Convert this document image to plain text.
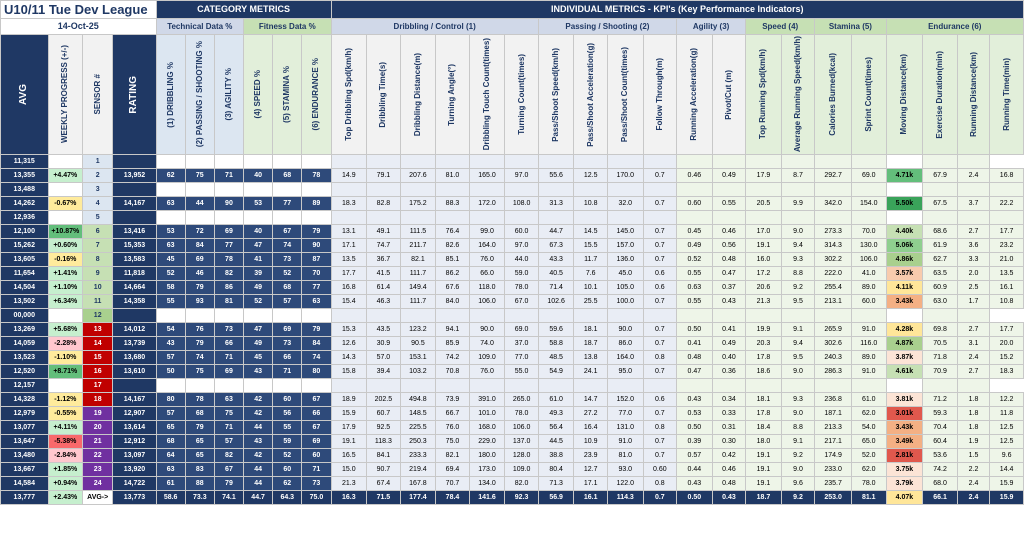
U10/11 Tue Dev League				CATEGORY METRICS						INDIVIDUAL METRICS - KPI's (Key Performance Indicators)																			
14-Oct-25				Technical Data %			Fitness Data %			Dribbling / Control (1)						Passing / Shooting (2)				Agility (3)		Speed (4)		Stamina (5)		Endurance (6)			

AVG	WEEKLY PROGRESS (+/-)	SENSOR #	RATING	(1) DRIBBLING %	(2) PASSING / SHOOTING %	(3) AGILITY %	(4) SPEED %	(5) STAMINA %	(6) ENDURANCE %	Top Dribbling Spd(km/h)	Dribbling Time(s)	Dribbling Distance(m)	Turning Angle(°)	Dribbling Touch Count(times)	Turning Count(times)	Pass/Shoot Speed(km/h)	Pass/Shoot Acceleration(g)	Pass/Shoot Count(times)	Follow Through(m)	Running Acceleration(g)	Pivot/Cut (m)	Top Running Spd(km/h)	Average Running Speed(km/h)	Calories Burned(kcal)	Sprint Count(times)	Moving Distance(km)	Exercise Duration(min)	Running Distance(km)	Running Time(min)

11,315		1																											
13,355	+4.47%	2	13,952	62	75	71	40	68	78	14.9	79.1	207.6	81.0	165.0	97.0	55.6	12.5	170.0	0.7	0.46	0.49	17.9	8.7	292.7	69.0	4.71k	67.9	2.4	16.8
13,488		3																											
14,262	-0.67%	4	14,167	63	44	90	53	77	89	18.3	82.8	175.2	88.3	172.0	108.0	31.3	10.8	32.0	0.7	0.60	0.55	20.5	9.9	342.0	154.0	5.50k	67.5	3.7	22.2
12,936		5																											
12,100	+10.87%	6	13,416	53	72	69	40	67	79	13.1	49.1	111.5	76.4	99.0	60.0	44.7	14.5	145.0	0.7	0.45	0.46	17.0	9.0	273.3	70.0	4.40k	68.6	2.7	17.7
15,262	+0.60%	7	15,353	63	84	77	47	74	90	17.1	74.7	211.7	82.6	164.0	97.0	67.3	15.5	157.0	0.7	0.49	0.56	19.1	9.4	314.3	130.0	5.06k	61.9	3.6	23.2
13,605	-0.16%	8	13,583	45	69	78	41	73	87	13.5	36.7	82.1	85.1	76.0	44.0	43.3	11.7	136.0	0.7	0.52	0.48	16.0	9.3	302.2	106.0	4.86k	62.7	3.3	21.0
11,654	+1.41%	9	11,818	52	46	82	39	52	70	17.7	41.5	111.7	86.2	66.0	59.0	40.5	7.6	45.0	0.6	0.55	0.47	17.2	8.8	222.0	41.0	3.57k	63.5	2.0	13.5
14,504	+1.10%	10	14,664	58	79	86	49	68	77	16.8	61.4	149.4	67.6	118.0	78.0	71.4	10.1	105.0	0.6	0.63	0.37	20.6	9.2	255.4	89.0	4.11k	60.9	2.5	16.1
13,502	+6.34%	11	14,358	55	93	81	52	57	63	15.4	46.3	111.7	84.0	106.0	67.0	102.6	25.5	100.0	0.7	0.55	0.43	21.3	9.5	213.1	60.0	3.43k	63.0	1.7	10.8
00,000		12																											
13,269	+5.68%	13	14,012	54	76	73	47	69	79	15.3	43.5	123.2	94.1	90.0	69.0	59.6	18.1	90.0	0.7	0.50	0.41	19.9	9.1	265.9	91.0	4.28k	69.8	2.7	17.7
14,059	-2.28%	14	13,739	43	79	66	49	73	84	12.6	30.9	90.5	85.9	74.0	37.0	58.8	18.7	86.0	0.7	0.41	0.49	20.3	9.4	302.6	116.0	4.87k	70.5	3.1	20.0
13,523	-1.10%	15	13,680	57	74	71	45	66	74	14.3	57.0	153.1	74.2	109.0	77.0	48.5	13.8	164.0	0.8	0.48	0.40	17.8	9.5	240.3	89.0	3.87k	71.8	2.4	15.2
12,520	+8.71%	16	13,610	50	75	69	43	71	80	15.8	39.4	103.2	70.8	76.0	55.0	54.9	24.1	95.0	0.7	0.47	0.36	18.6	9.0	286.3	91.0	4.61k	70.9	2.7	18.3
12,157		17																											
14,328	-1.12%	18	14,167	80	78	63	42	60	67	18.9	202.5	494.8	73.9	391.0	265.0	61.0	14.7	152.0	0.6	0.43	0.34	18.1	9.3	236.8	61.0	3.81k	71.2	1.8	12.2
12,979	-0.55%	19	12,907	57	68	75	42	56	66	15.9	60.7	148.5	66.7	101.0	78.0	49.3	27.2	77.0	0.7	0.53	0.33	17.8	9.0	187.1	62.0	3.01k	59.3	1.8	11.8
13,077	+4.11%	20	13,614	65	79	71	44	55	67	17.9	92.5	225.5	76.0	168.0	106.0	56.4	16.4	131.0	0.8	0.50	0.31	18.4	8.8	213.3	54.0	3.43k	70.4	1.8	12.5
13,647	-5.38%	21	12,912	68	65	57	43	59	69	19.1	118.3	250.3	75.0	229.0	137.0	44.5	10.9	91.0	0.7	0.39	0.30	18.0	9.1	217.1	65.0	3.49k	60.4	1.9	12.5
13,480	-2.84%	22	13,097	64	65	82	42	52	60	16.5	84.1	233.3	82.1	180.0	128.0	38.8	23.9	81.0	0.7	0.57	0.42	19.1	9.2	174.9	52.0	2.81k	53.6	1.5	9.6
13,667	+1.85%	23	13,920	63	83	67	44	60	71	15.0	90.7	219.4	69.4	173.0	109.0	80.4	12.7	93.0	0.60	0.44	0.46	19.1	9.0	233.0	62.0	3.75k	74.2	2.2	14.4
14,584	+0.94%	24	14,722	61	88	79	44	62	73	21.3	67.4	167.8	70.7	134.0	82.0	71.3	17.1	122.0	0.8	0.43	0.48	19.1	9.6	235.7	78.0	3.79k	68.0	2.4	15.9
13,777	+2.43%	AVG->	13,773	58.6	73.3	74.1	44.7	64.3	75.0	16.3	71.5	177.4	78.4	141.6	92.3	56.9	16.1	114.3	0.7	0.50	0.43	18.7	9.2	253.0	81.1	4.07k	66.1	2.4	15.9
